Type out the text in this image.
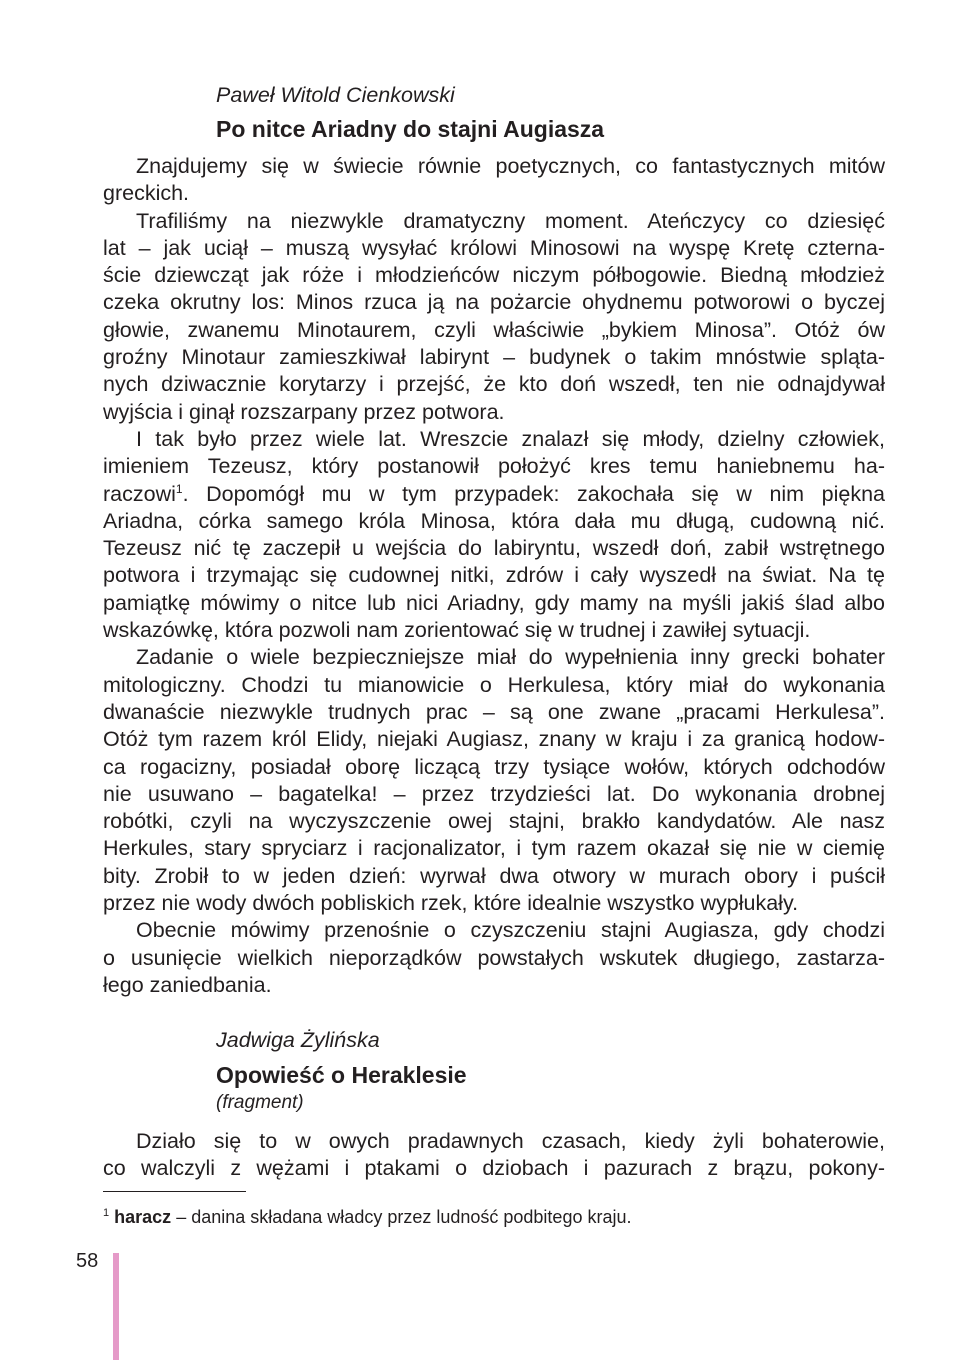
Paweł Witold Cienkowski
Po nitce Ariadny do stajni Augiasza
Znajdujemy się w świecie równie poetycznych, co fantastycznych mitów
greckich.
Trafiliśmy na niezwykle dramatyczny moment. Ateńczycy co dziesięć
lat – jak uciął – muszą wysyłać królowi Minosowi na wyspę Kretę czterna-
ście dziewcząt jak róże i młodzieńców niczym półbogowie. Biedną młodzież
czeka okrutny los: Minos rzuca ją na pożarcie ohydnemu potworowi o byczej
głowie, zwanemu Minotaurem, czyli właściwie „bykiem Minosa”. Otóż ów
groźny Minotaur zamieszkiwał labirynt – budynek o takim mnóstwie spląta-
nych dziwacznie korytarzy i przejść, że kto doń wszedł, ten nie odnajdywał
wyjścia i ginął rozszarpany przez potwora.
I tak było przez wiele lat. Wreszcie znalazł się młody, dzielny człowiek,
imieniem Tezeusz, który postanowił położyć kres temu haniebnemu ha-
raczowi$^1$. Dopomógł mu w tym przypadek: zakochała się w nim piękna
Ariadna, córka samego króla Minosa, która dała mu długą, cudowną nić.
Tezeusz nić tę zaczepił u wejścia do labiryntu, wszedł doń, zabił wstrętnego
potwora i trzymając się cudownej nitki, zdrów i cały wyszedł na świat. Na tę
pamiątkę mówimy o nitce lub nici Ariadny, gdy mamy na myśli jakiś ślad albo
wskazówkę, która pozwoli nam zorientować się w trudnej i zawiłej sytuacji.
Zadanie o wiele bezpieczniejsze miał do wypełnienia inny grecki bohater
mitologiczny. Chodzi tu mianowicie o Herkulesa, który miał do wykonania
dwanaście niezwykle trudnych prac – są one zwane „pracami Herkulesa”.
Otóż tym razem król Elidy, niejaki Augiasz, znany w kraju i za granicą hodow-
ca rogacizny, posiadał oborę liczącą trzy tysiące wołów, których odchodów
nie usuwano – bagatelka! – przez trzydzieści lat. Do wykonania drobnej
robótki, czyli na wyczyszczenie owej stajni, brakło kandydatów. Ale nasz
Herkules, stary spryciarz i racjonalizator, i tym razem okazał się nie w ciemię
bity. Zrobił to w jeden dzień: wyrwał dwa otwory w murach obory i puścił
przez nie wody dwóch pobliskich rzek, które idealnie wszystko wypłukały.
Obecnie mówimy przenośnie o czyszczeniu stajni Augiasza, gdy chodzi
o usunięcie wielkich nieporządków powstałych wskutek długiego, zastarza-
łego zaniedbania.
Jadwiga Żylińska
Opowieść o Heraklesie
(fragment)
Działo się to w owych pradawnych czasach, kiedy żyli bohaterowie,
co walczyli z wężami i ptakami o dziobach i pazurach z brązu, pokony-
$^1$ haracz – danina składana władcy przez ludność podbitego kraju.
58
